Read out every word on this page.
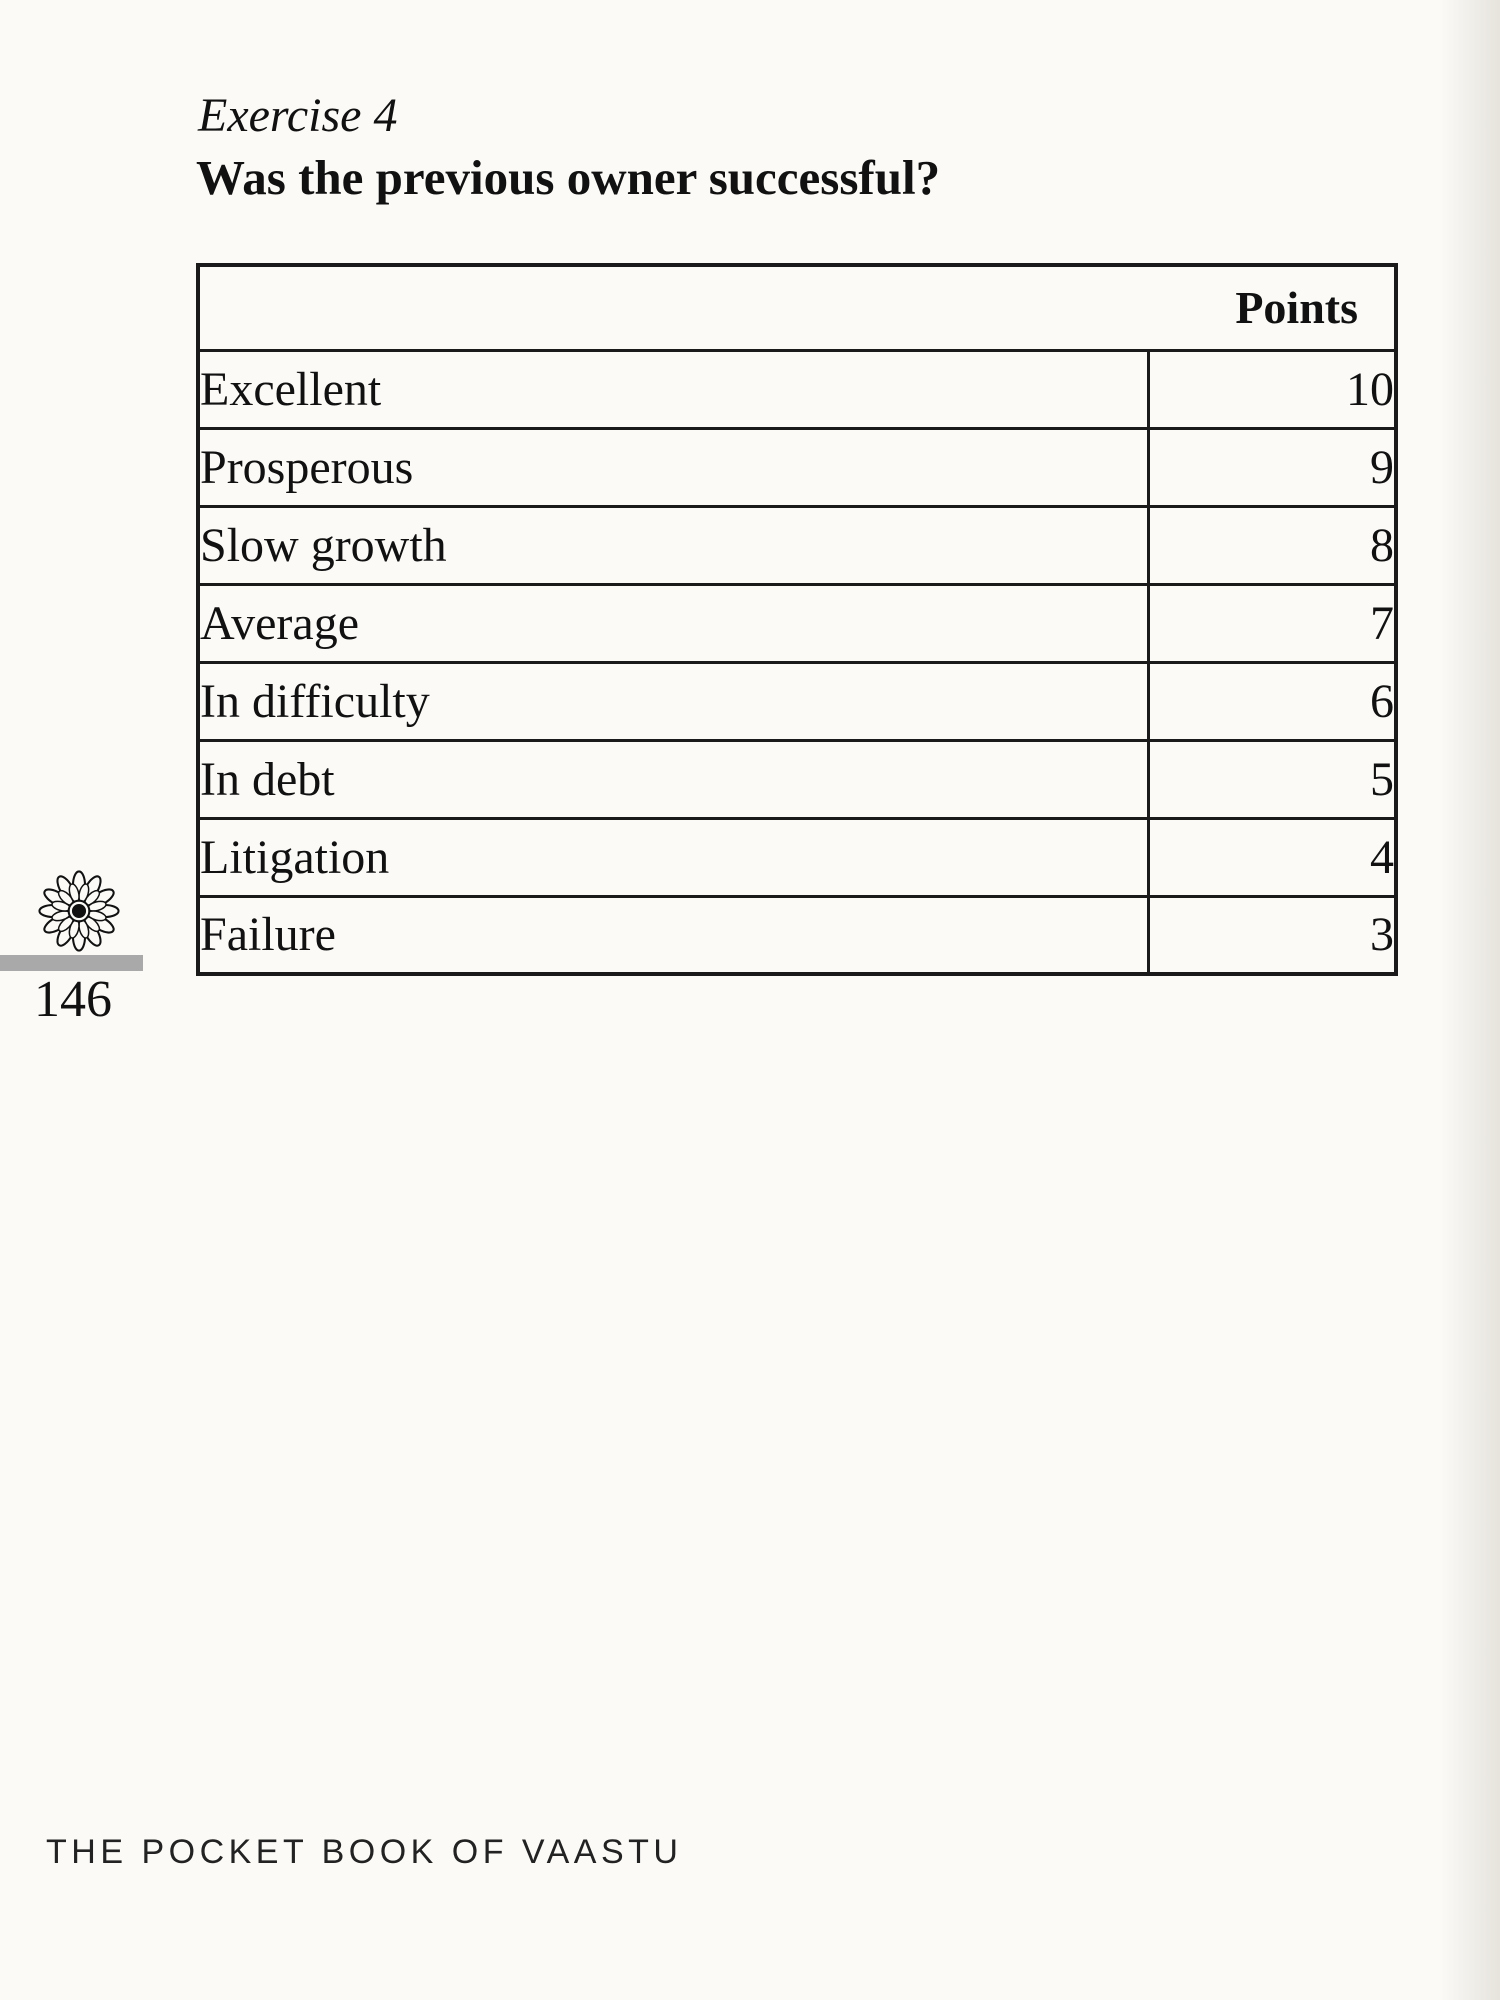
Exercise 4
Was the previous owner successful?
	Points
Excellent	10
Prosperous	9
Slow growth	8
Average	7
In difficulty	6
In debt	5
Litigation	4
Failure	3

146

THE POCKET BOOK OF VAASTU
